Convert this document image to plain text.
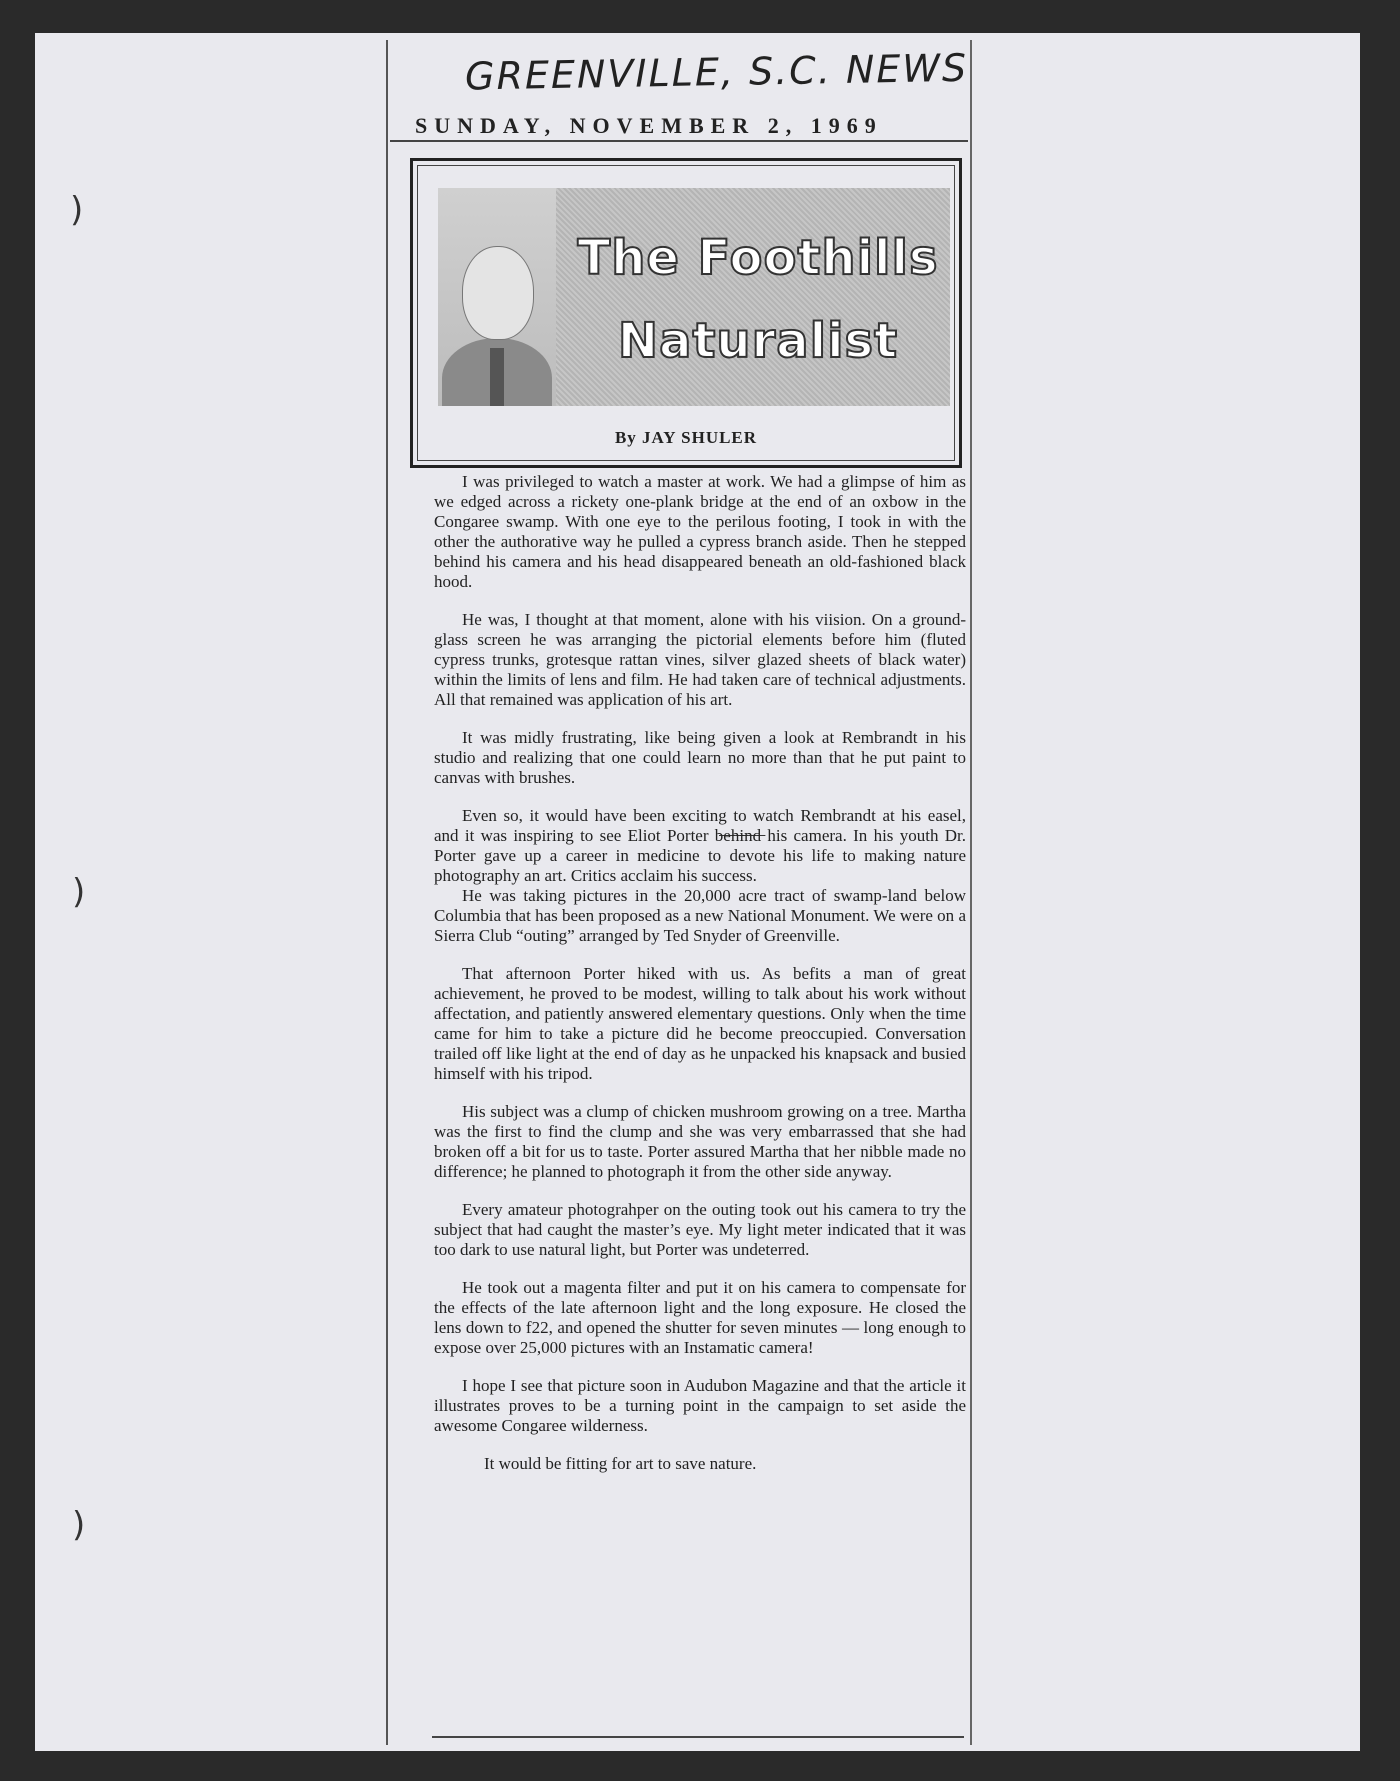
)
)
)
GREENVILLE, S.C. NEWS
SUNDAY, NOVEMBER 2, 1969
The Foothills
Naturalist
By JAY SHULER

I was privileged to watch a master at work. We had a glimpse of him as we edged across a rickety one-plank bridge at the end of an oxbow in the Congaree swamp. With one eye to the perilous footing, I took in with the other the authorative way he pulled a cypress branch aside. Then he stepped behind his camera and his head disappeared beneath an old-fashioned black hood.

He was, I thought at that moment, alone with his viision. On a ground-glass screen he was arranging the pictorial elements before him (fluted cypress trunks, grotesque rattan vines, silver glazed sheets of black water) within the limits of lens and film. He had taken care of technical adjustments. All that remained was application of his art.

It was midly frustrating, like being given a look at Rembrandt in his studio and realizing that one could learn no more than that he put paint to canvas with brushes.

Even so, it would have been exciting to watch Rembrandt at his easel, and it was inspiring to see Eliot Porter b̶e̶h̶i̶n̶d̶ his camera. In his youth Dr. Porter gave up a career in medicine to devote his life to making nature photography an art. Critics acclaim his success.

He was taking pictures in the 20,000 acre tract of swamp-land below Columbia that has been proposed as a new National Monument. We were on a Sierra Club “outing” arranged by Ted Snyder of Greenville.

That afternoon Porter hiked with us. As befits a man of great achievement, he proved to be modest, willing to talk about his work without affectation, and patiently answered elementary questions. Only when the time came for him to take a picture did he become preoccupied. Conversation trailed off like light at the end of day as he unpacked his knapsack and busied himself with his tripod.

His subject was a clump of chicken mushroom growing on a tree. Martha was the first to find the clump and she was very embarrassed that she had broken off a bit for us to taste. Porter assured Martha that her nibble made no difference; he planned to photograph it from the other side anyway.

Every amateur photograhper on the outing took out his camera to try the subject that had caught the master’s eye. My light meter indicated that it was too dark to use natural light, but Porter was undeterred.

He took out a magenta filter and put it on his camera to compensate for the effects of the late afternoon light and the long exposure. He closed the lens down to f22, and opened the shutter for seven minutes — long enough to expose over 25,000 pictures with an Instamatic camera!

I hope I see that picture soon in Audubon Magazine and that the article it illustrates proves to be a turning point in the campaign to set aside the awesome Congaree wilderness.

It would be fitting for art to save nature.
